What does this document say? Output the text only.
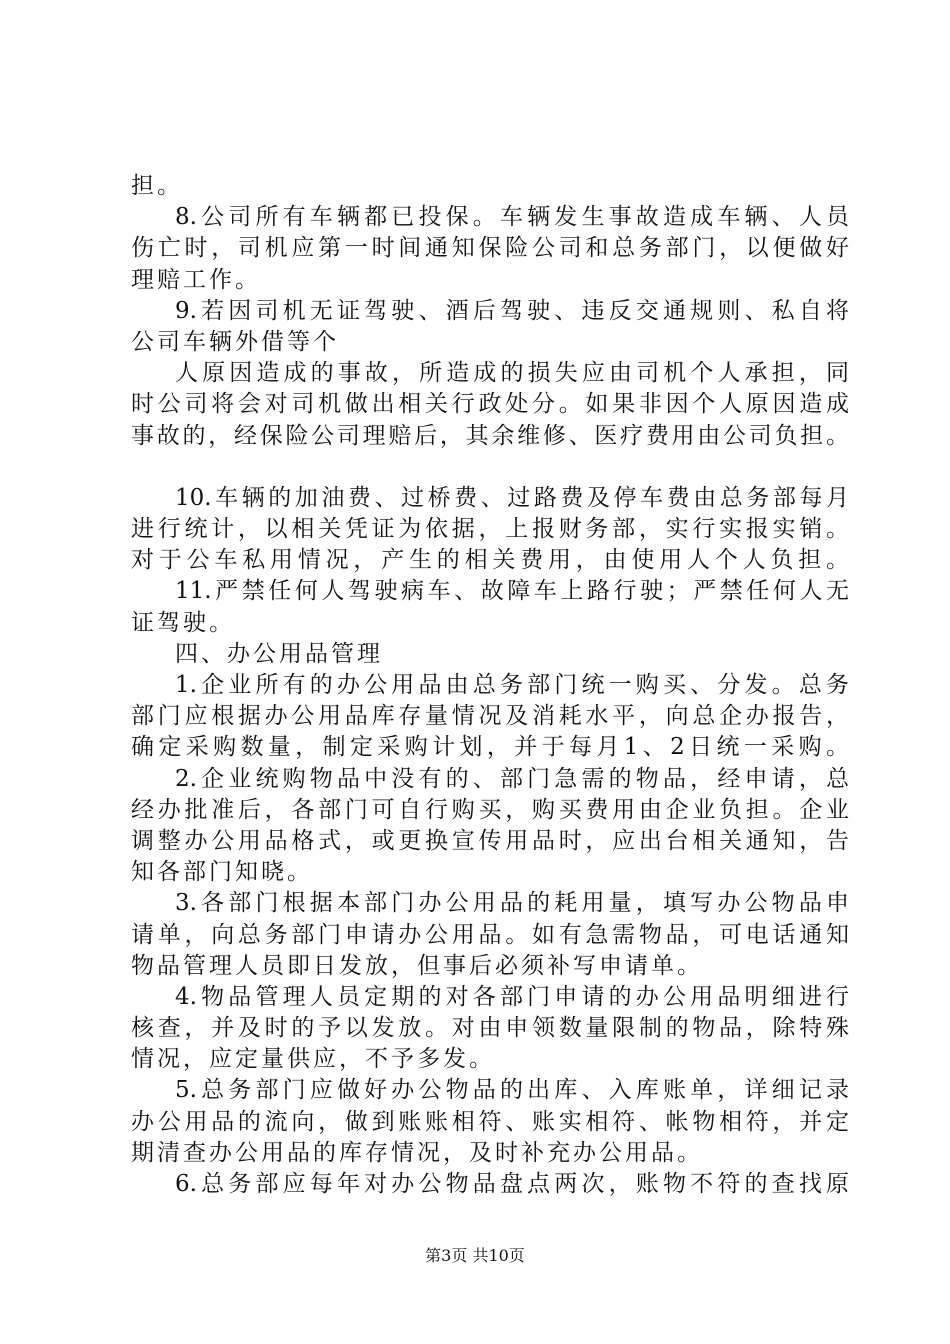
担。
8.公司所有车辆都已投保。车辆发生事故造成车辆、人员
伤亡时，司机应第一时间通知保险公司和总务部门，以便做好
理赔工作。
9.若因司机无证驾驶、酒后驾驶、违反交通规则、私自将
公司车辆外借等个
人原因造成的事故，所造成的损失应由司机个人承担，同
时公司将会对司机做出相关行政处分。如果非因个人原因造成
事故的，经保险公司理赔后，其余维修、医疗费用由公司负担。
10.车辆的加油费、过桥费、过路费及停车费由总务部每月
进行统计，以相关凭证为依据，上报财务部，实行实报实销。
对于公车私用情况，产生的相关费用，由使用人个人负担。
11.严禁任何人驾驶病车、故障车上路行驶；严禁任何人无
证驾驶。
四、办公用品管理
1.企业所有的办公用品由总务部门统一购买、分发。总务
部门应根据办公用品库存量情况及消耗水平，向总企办报告，
确定采购数量，制定采购计划，并于每月1、2日统一采购。
2.企业统购物品中没有的、部门急需的物品，经申请，总
经办批准后，各部门可自行购买，购买费用由企业负担。企业
调整办公用品格式，或更换宣传用品时，应出台相关通知，告
知各部门知晓。
3.各部门根据本部门办公用品的耗用量，填写办公物品申
请单，向总务部门申请办公用品。如有急需物品，可电话通知
物品管理人员即日发放，但事后必须补写申请单。
4.物品管理人员定期的对各部门申请的办公用品明细进行
核查，并及时的予以发放。对由申领数量限制的物品，除特殊
情况，应定量供应，不予多发。
5.总务部门应做好办公物品的出库、入库账单，详细记录
办公用品的流向，做到账账相符、账实相符、帐物相符，并定
期清查办公用品的库存情况，及时补充办公用品。
6.总务部应每年对办公物品盘点两次，账物不符的查找原
第3页 共10页
